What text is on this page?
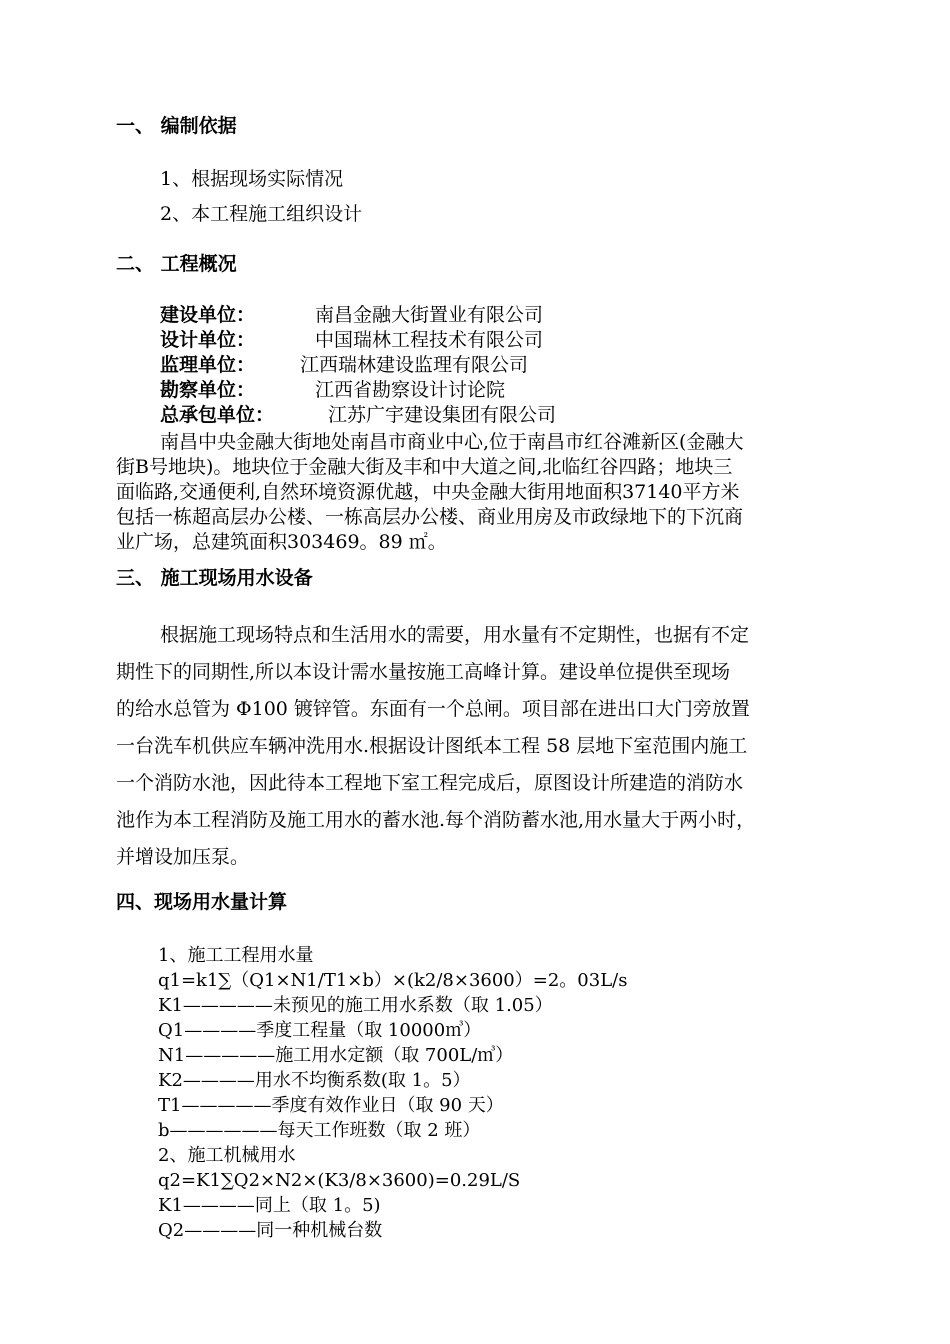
一、 编制依据
1、根据现场实际情况
2、本工程施工组织设计
二、 工程概况
建设单位：	南昌金融大街置业有限公司
设计单位：	中国瑞林工程技术有限公司
监理单位： 江西瑞林建设监理有限公司
勘察单位：	江西省勘察设计讨论院
总承包单位：	江苏广宇建设集团有限公司
南昌中央金融大街地处南昌市商业中心,位于南昌市红谷滩新区(金融大
街B号地块)。地块位于金融大街及丰和中大道之间,北临红谷四路；地块三
面临路,交通便利,自然环境资源优越，中央金融大街用地面积37140平方米
包括一栋超高层办公楼、一栋高层办公楼、商业用房及市政绿地下的下沉商
业广场，总建筑面积303469。89 ㎡。
三、 施工现场用水设备
根据施工现场特点和生活用水的需要，用水量有不定期性，也据有不定
期性下的同期性,所以本设计需水量按施工高峰计算。建设单位提供至现场
的给水总管为 Φ100 镀锌管。东面有一个总闸。项目部在进出口大门旁放置
一台洗车机供应车辆冲洗用水.根据设计图纸本工程 58 层地下室范围内施工
一个消防水池，因此待本工程地下室工程完成后，原图设计所建造的消防水
池作为本工程消防及施工用水的蓄水池.每个消防蓄水池,用水量大于两小时，
并增设加压泵。
四、现场用水量计算
1、施工工程用水量
q1=k1∑（Q1×N1/T1×b）×(k2/8×3600）=2。03L/s
K1—————未预见的施工用水系数（取 1.05）
Q1————季度工程量（取 10000㎥）
N1—————施工用水定额（取 700L/㎥）
K2————用水不均衡系数(取 1。5）
T1—————季度有效作业日（取 90 天）
b——————每天工作班数（取 2 班）
2、施工机械用水
q2=K1∑Q2×N2×(K3/8×3600)=0.29L/S
K1————同上（取 1。5)
Q2————同一种机械台数
